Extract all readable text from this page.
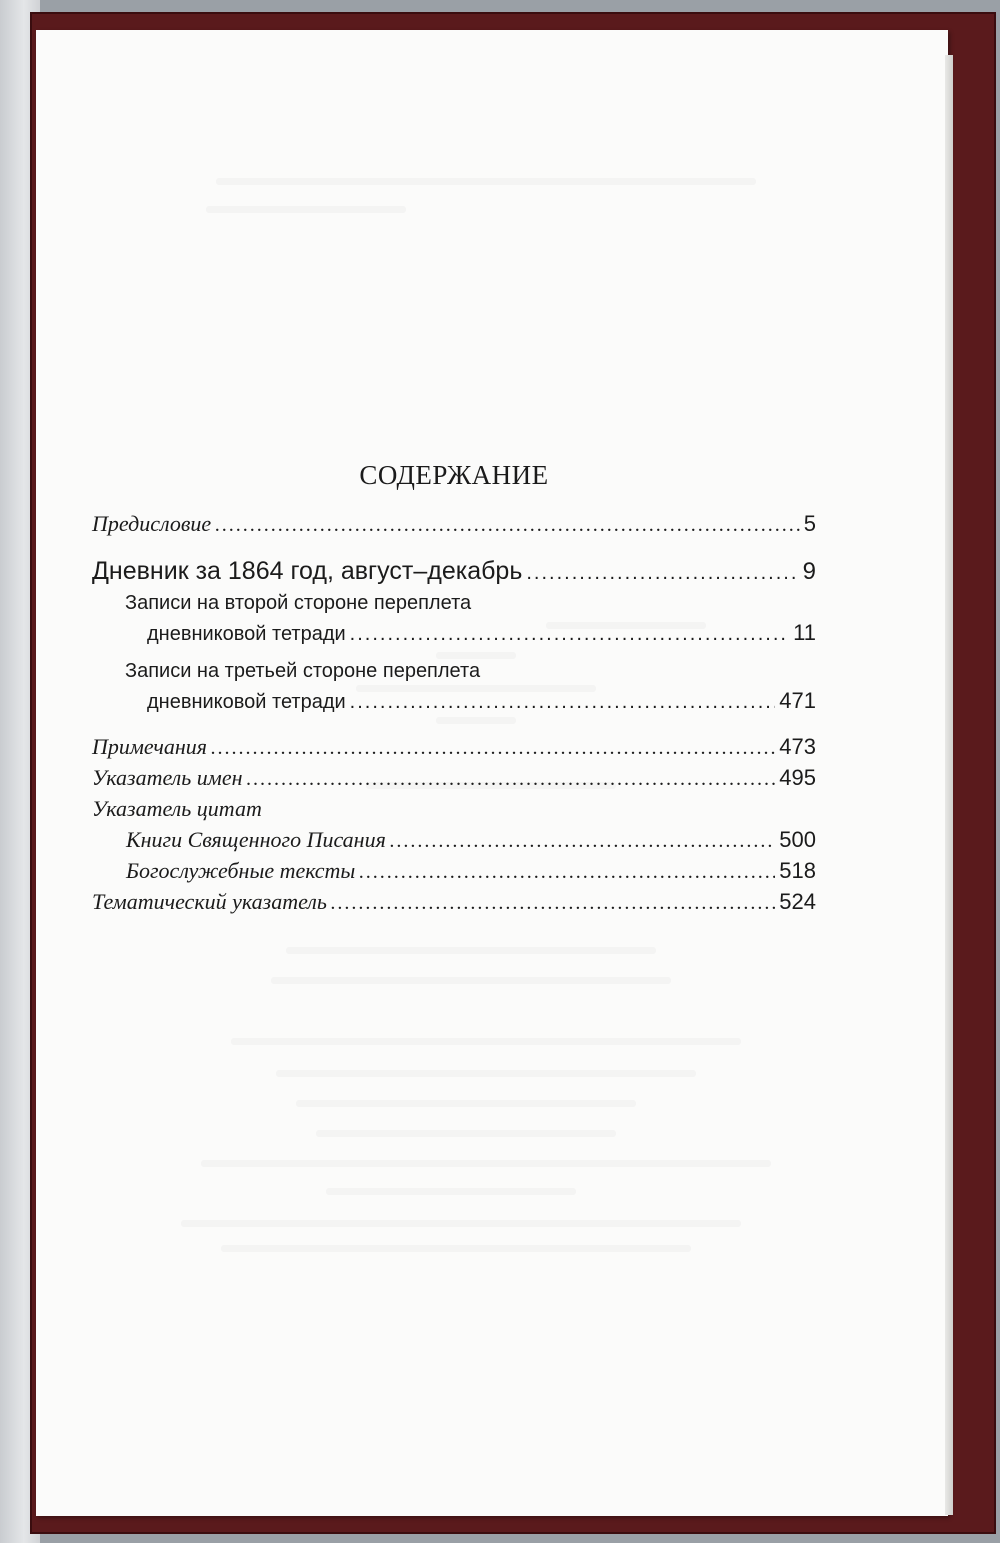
СОДЕРЖАНИЕ
Предисловие .....	5
Дневник за 1864 год, август–декабрь .....	9
Записи на второй стороне переплета
дневниковой тетради .....	11
Записи на третьей стороне переплета
дневниковой тетради .....	471
Примечания .....	473
Указатель имен .....	495
Указатель цитат
Книги Священного Писания .....	500
Богослужебные тексты .....	518
Тематический указатель .....	524
